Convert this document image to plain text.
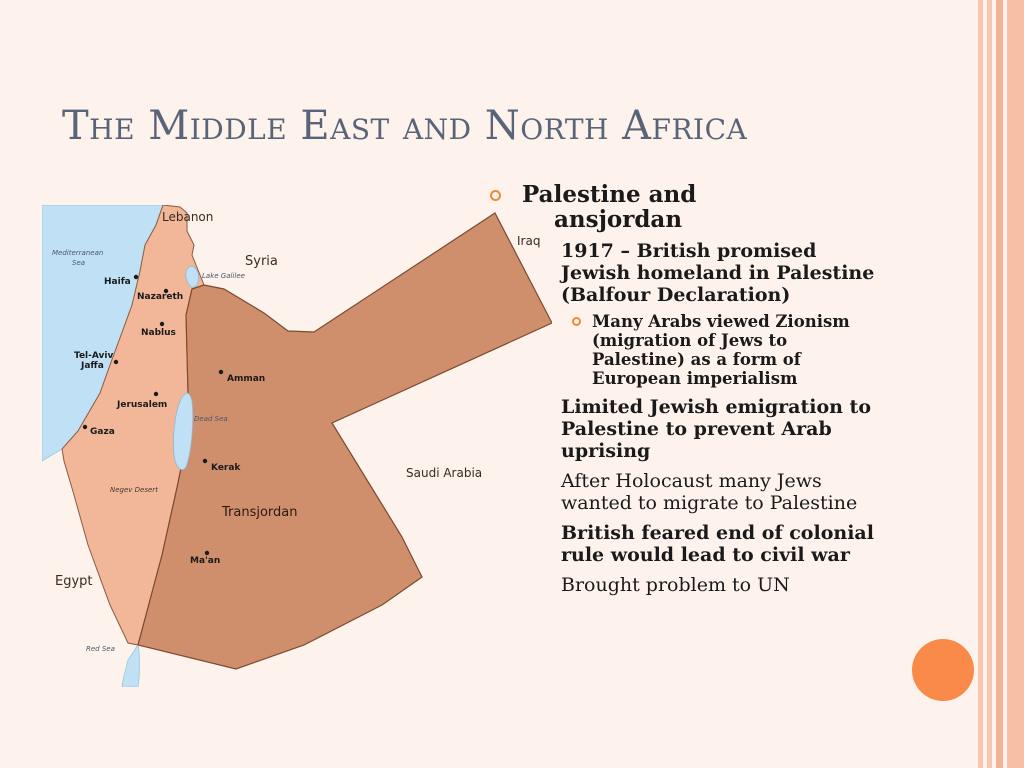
The Middle East and North Africa
Lebanon
Syria
Iraq
Saudi Arabia
Egypt
Transjordan
Mediterranean
Sea
Lake Galilee
Dead Sea
Red Sea
Negev Desert
Haifa
Nazareth
Nablus
Tel-Aviv
Jaffa
Jerusalem
Gaza
Amman
Kerak
Ma'an
Palestine and
ansjordan
1917 – British promised Jewish homeland in Palestine (Balfour Declaration)
Many Arabs viewed Zionism (migration of Jews to Palestine) as a form of European imperialism
Limited Jewish emigration to Palestine to prevent Arab uprising
After Holocaust many Jews wanted to migrate to Palestine
British feared end of colonial rule would lead to civil war
Brought problem to UN
